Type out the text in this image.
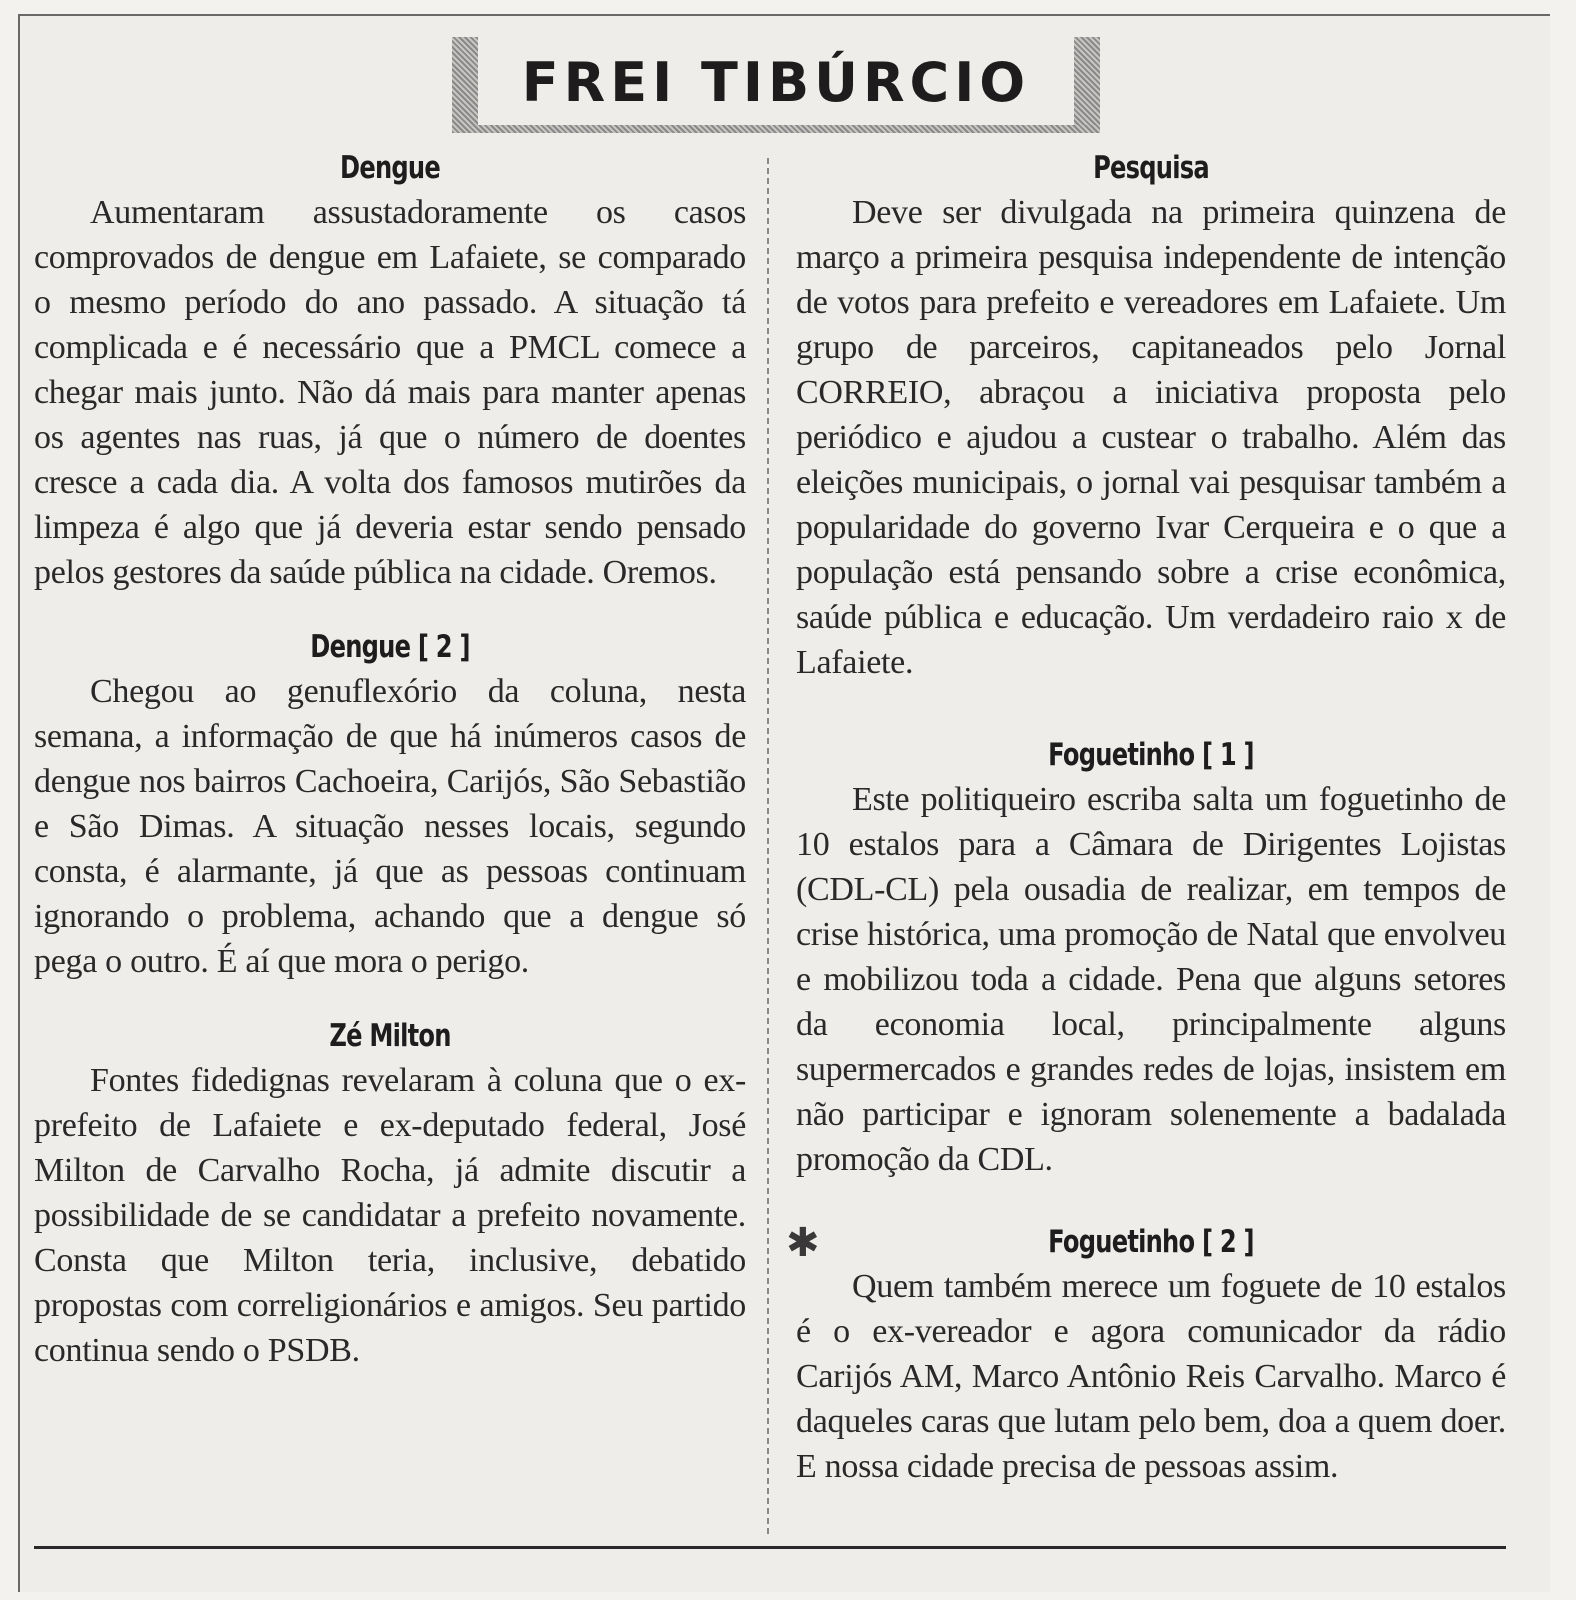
FREI TIBÚRCIO
Dengue

Aumentaram assustadoramente os casos comprovados de dengue em Lafaiete, se comparado o mesmo período do ano passado. A situação tá complicada e é necessário que a PMCL comece a chegar mais junto. Não dá mais para manter apenas os agentes nas ruas, já que o número de doentes cresce a cada dia. A volta dos famosos mutirões da limpeza é algo que já deveria estar sendo pensado pelos gestores da saúde pública na cidade. Oremos.

Dengue [ 2 ]

Chegou ao genuflexório da coluna, nesta semana, a informação de que há inúmeros casos de dengue nos bairros Cachoeira, Carijós, São Sebastião e São Dimas. A situação nesses locais, segundo consta, é alarmante, já que as pessoas continuam ignorando o problema, achando que a dengue só pega o outro. É aí que mora o perigo.

Zé Milton

Fontes fidedignas revelaram à coluna que o ex-prefeito de Lafaiete e ex-deputado federal, José Milton de Carvalho Rocha, já admite discutir a possibilidade de se candidatar a prefeito novamente. Consta que Milton teria, inclusive, debatido propostas com correligionários e amigos. Seu partido continua sendo o PSDB.

Pesquisa

Deve ser divulgada na primeira quinzena de março a primeira pesquisa independente de intenção de votos para prefeito e vereadores em Lafaiete. Um grupo de parceiros, capitaneados pelo Jornal CORREIO, abraçou a iniciativa proposta pelo periódico e ajudou a custear o trabalho. Além das eleições municipais, o jornal vai pesquisar também a popularidade do governo Ivar Cerqueira e o que a população está pensando sobre a crise econômica, saúde pública e educação. Um verdadeiro raio x de Lafaiete.

Foguetinho [ 1 ]

Este politiqueiro escriba salta um foguetinho de 10 estalos para a Câmara de Dirigentes Lojistas (CDL-CL) pela ousadia de realizar, em tempos de crise histórica, uma promoção de Natal que envolveu e mobilizou toda a cidade. Pena que alguns setores da economia local, principalmente alguns supermercados e grandes redes de lojas, insistem em não participar e ignoram solenemente a badalada promoção da CDL.

Foguetinho [ 2 ]

Quem também merece um foguete de 10 estalos é o ex-vereador e agora comunicador da rádio Carijós AM, Marco Antônio Reis Carvalho. Marco é daqueles caras que lutam pelo bem, doa a quem doer. E nossa cidade precisa de pessoas assim.

✱
